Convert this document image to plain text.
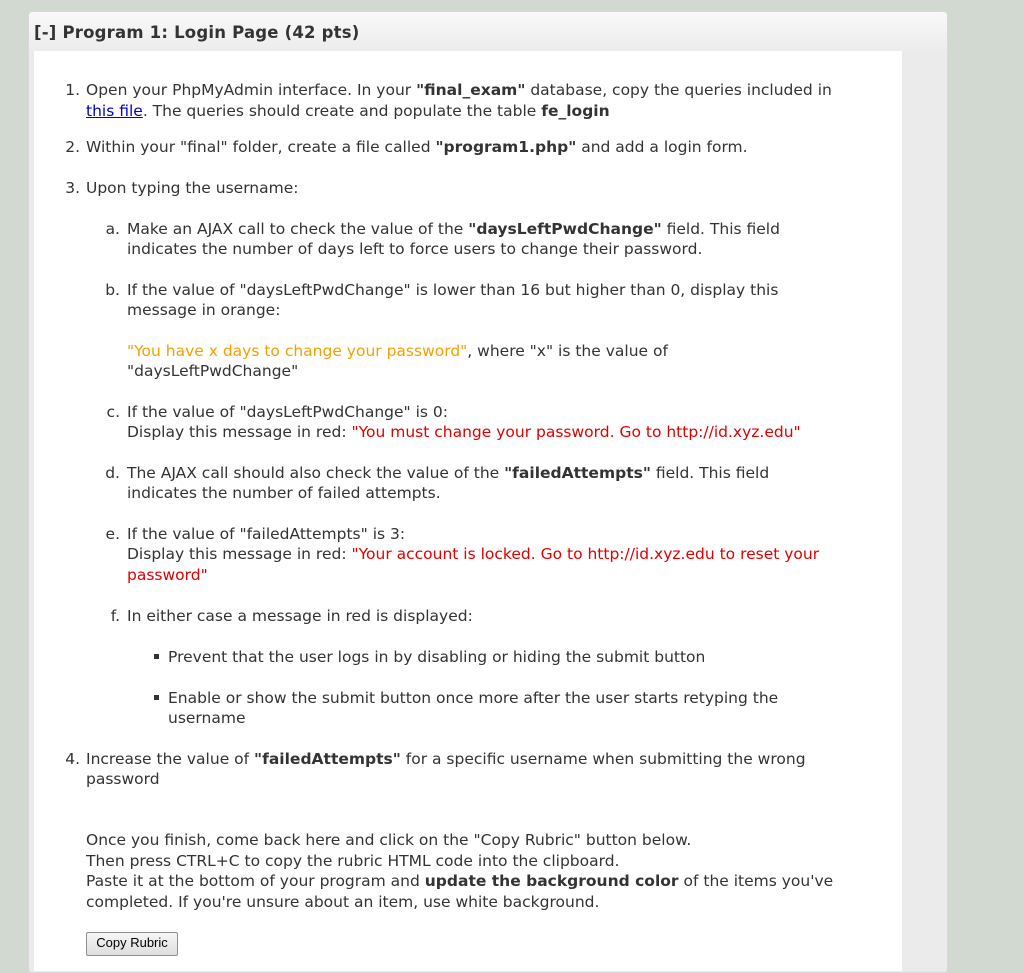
[-] Program 1: Login Page (42 pts)
1. Open your PhpMyAdmin interface. In your "final_exam" database, copy the queries included in
this file. The queries should create and populate the table fe_login
2. Within your "final" folder, create a file called "program1.php" and add a login form.
3. Upon typing the username:
a. Make an AJAX call to check the value of the "daysLeftPwdChange" field. This field
indicates the number of days left to force users to change their password.
b. If the value of "daysLeftPwdChange" is lower than 16 but higher than 0, display this
message in orange:
"You have x days to change your password", where "x" is the value of
"daysLeftPwdChange"
c. If the value of "daysLeftPwdChange" is 0:
Display this message in red: "You must change your password. Go to http://id.xyz.edu"
d. The AJAX call should also check the value of the "failedAttempts" field. This field
indicates the number of failed attempts.
e. If the value of "failedAttempts" is 3:
Display this message in red: "Your account is locked. Go to http://id.xyz.edu to reset your
password"
f. In either case a message in red is displayed:
Prevent that the user logs in by disabling or hiding the submit button
Enable or show the submit button once more after the user starts retyping the
username
4. Increase the value of "failedAttempts" for a specific username when submitting the wrong
password
Once you finish, come back here and click on the "Copy Rubric" button below.
Then press CTRL+C to copy the rubric HTML code into the clipboard.
Paste it at the bottom of your program and update the background color of the items you've
completed. If you're unsure about an item, use white background.
Copy Rubric
